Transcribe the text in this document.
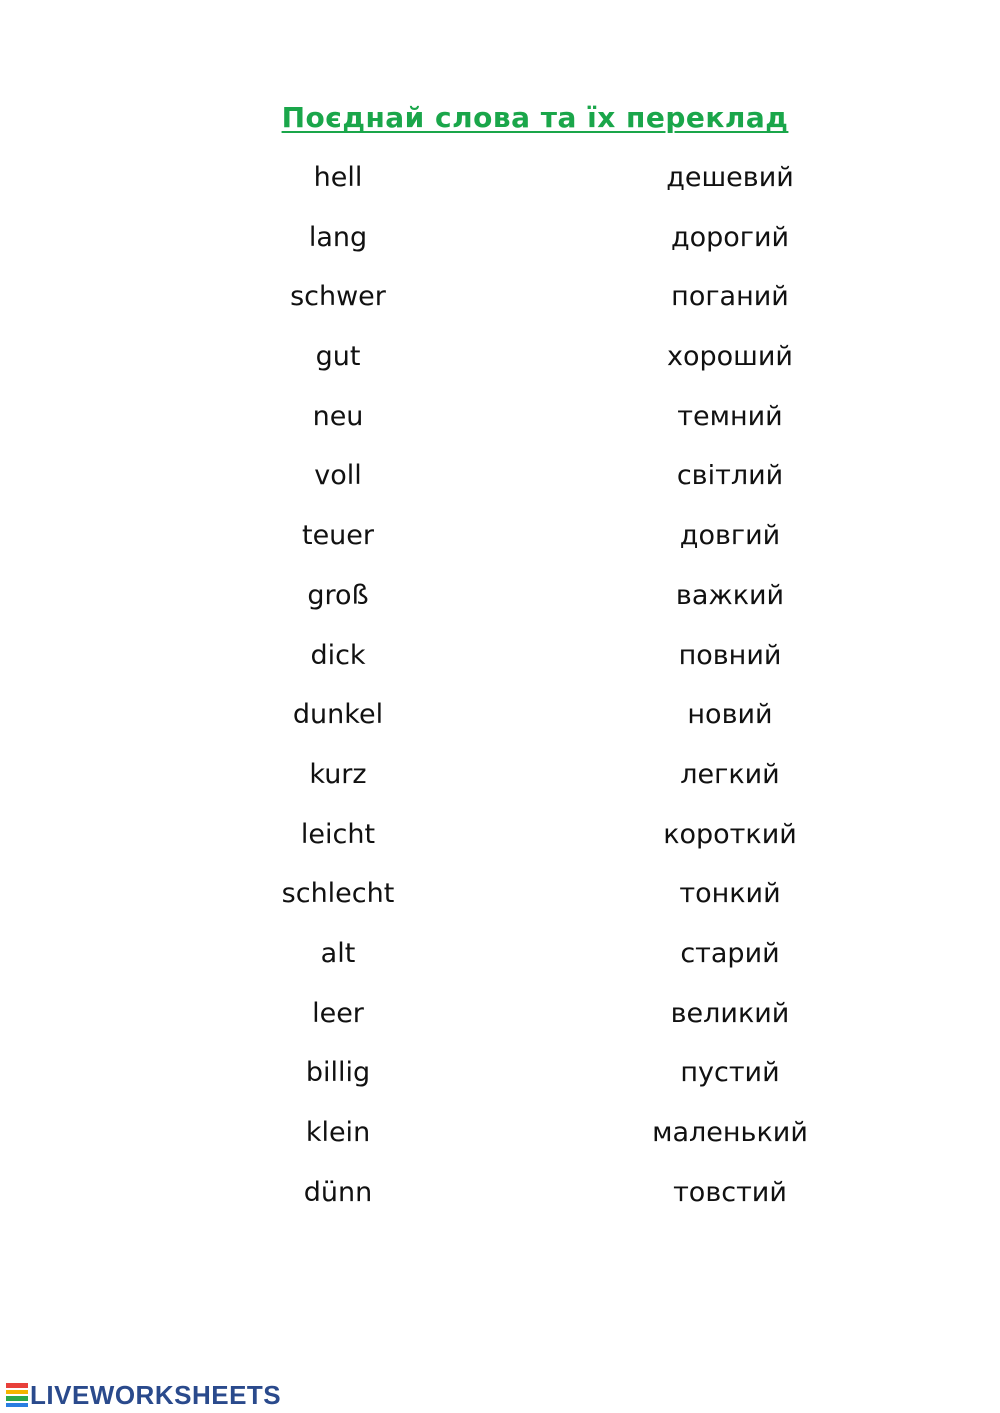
Поєднай слова та їх переклад
hell
lang
schwer
gut
neu
voll
teuer
groß
dick
dunkel
kurz
leicht
schlecht
alt
leer
billig
klein
dünn
дешевий
дорогий
поганий
хороший
темний
світлий
довгий
важкий
повний
новий
легкий
короткий
тонкий
старий
великий
пустий
маленький
товстий
LIVEWORKSHEETS
